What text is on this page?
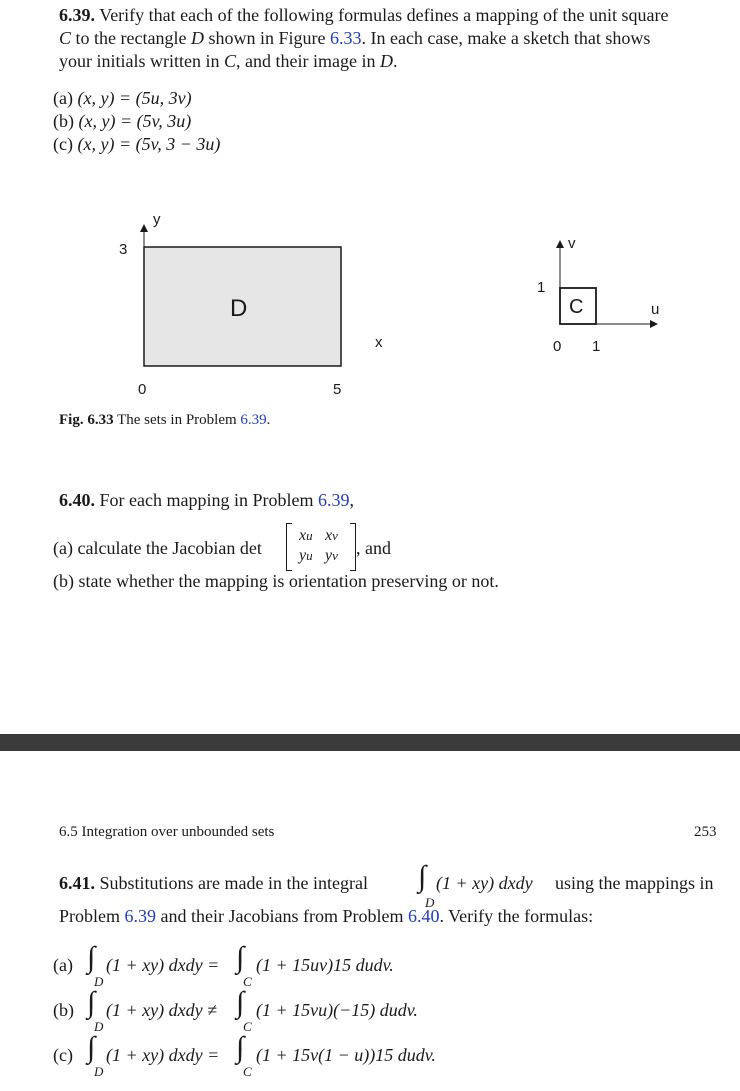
6.39. Verify that each of the following formulas defines a mapping of the unit square
C to the rectangle D shown in Figure 6.33. In each case, make a sketch that shows
your initials written in C, and their image in D.
(a) (x, y) = (5u, 3v)
(b) (x, y) = (5v, 3u)
(c) (x, y) = (5v, 3 − 3u)
y
3
D
x
0	5
v
1
C	u
0 1
Fig. 6.33 The sets in Problem 6.39.
6.40. For each mapping in Problem 6.39,
(a) calculate the Jacobian det
xu xv
yu yv , and
(b) state whether the mapping is orientation preserving or not.
6.5 Integration over unbounded sets	253
6.41. Substitutions are made in the integral ∫
D
(1 + xy) dxdy using the mappings in
Problem 6.39 and their Jacobians from Problem 6.40. Verify the formulas:
(a) ∫
D
(1 + xy) dxdy = ∫
C
(1 + 15uv)15 dudv.
(b) ∫
D
(1 + xy) dxdy ≠ ∫
C
(1 + 15vu)(−15) dudv.
(c) ∫
D
(1 + xy) dxdy = ∫
C
(1 + 15v(1 − u))15 dudv.
